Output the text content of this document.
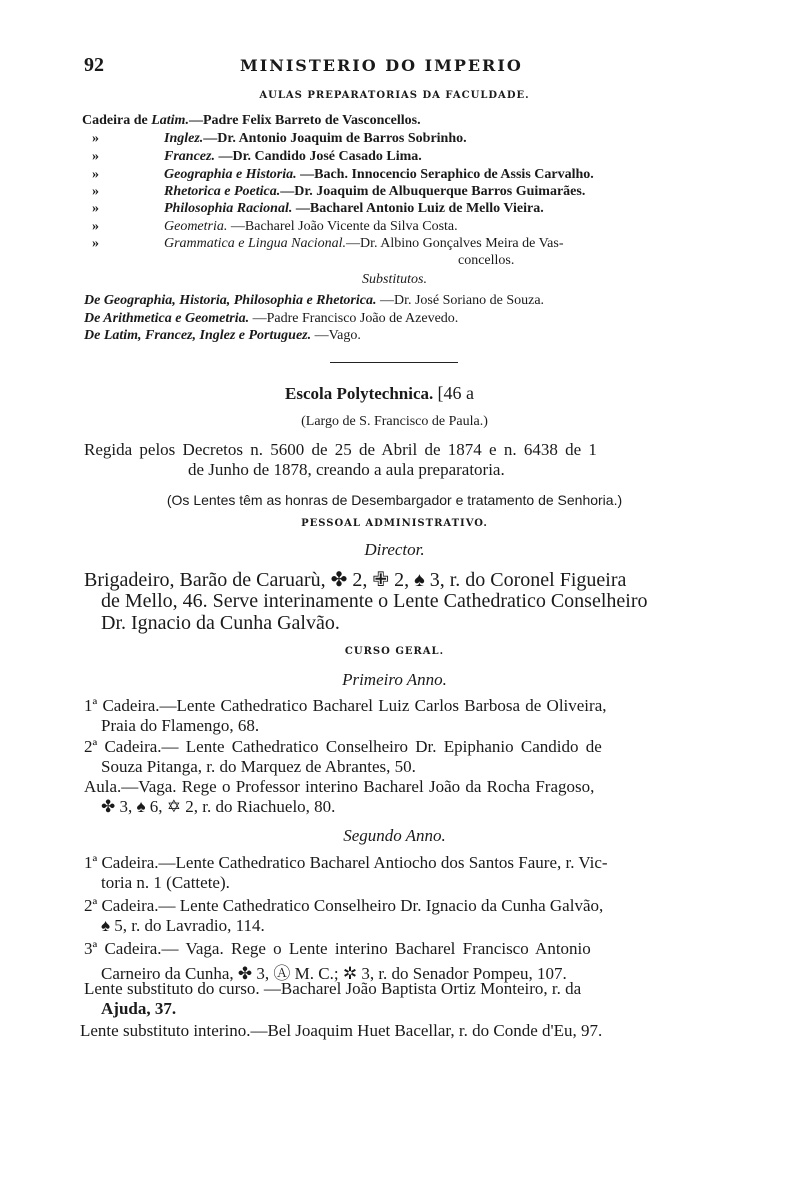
92	MINISTERIO DO IMPERIO
AULAS PREPARATORIAS DA FACULDADE.
Cadeira de Latim.—Padre Felix Barreto de Vasconcellos.
»	Inglez.—Dr. Antonio Joaquim de Barros Sobrinho.
»	Francez. —Dr. Candido José Casado Lima.
»	Geographia e Historia. —Bach. Innocencio Seraphico de Assis Carvalho.
»	Rhetorica e Poetica.—Dr. Joaquim de Albuquerque Barros Guimarães.
»	Philosophia Racional. —Bacharel Antonio Luiz de Mello Vieira.
»	Geometria. —Bacharel João Vicente da Silva Costa.
»	Grammatica e Lingua Nacional.—Dr. Albino Gonçalves Meira de Vas-
concellos.
Substitutos.
De Geographia, Historia, Philosophia e Rhetorica. —Dr. José Soriano de Souza.
De Arithmetica e Geometria. —Padre Francisco João de Azevedo.
De Latim, Francez, Inglez e Portuguez. —Vago.
Escola Polytechnica. [46 a
(Largo de S. Francisco de Paula.)
Regida pelos Decretos n. 5600 de 25 de Abril de 1874 e n. 6438 de 1
de Junho de 1878, creando a aula preparatoria.
(Os Lentes têm as honras de Desembargador e tratamento de Senhoria.)
PESSOAL ADMINISTRATIVO.
Director.
Brigadeiro, Barão de Caruarù, ✤ 2, ✙ 2, ♠ 3, r. do Coronel Figueira
de Mello, 46. Serve interinamente o Lente Cathedratico Conselheiro
Dr. Ignacio da Cunha Galvão.
CURSO GERAL.
Primeiro Anno.
1ª Cadeira.—Lente Cathedratico Bacharel Luiz Carlos Barbosa de Oliveira,
Praia do Flamengo, 68.
2ª Cadeira.— Lente Cathedratico Conselheiro Dr. Epiphanio Candido de
Souza Pitanga, r. do Marquez de Abrantes, 50.
Aula.—Vaga. Rege o Professor interino Bacharel João da Rocha Fragoso,
✤ 3, ♠ 6, ✡ 2, r. do Riachuelo, 80.
Segundo Anno.
1ª Cadeira.—Lente Cathedratico Bacharel Antiocho dos Santos Faure, r. Vic-
toria n. 1 (Cattete).
2ª Cadeira.— Lente Cathedratico Conselheiro Dr. Ignacio da Cunha Galvão,
♠ 5, r. do Lavradio, 114.
3ª Cadeira.— Vaga. Rege o Lente interino Bacharel Francisco Antonio
Carneiro da Cunha, ✤ 3, Ⓐ M. C.; ✲ 3, r. do Senador Pompeu, 107.
Lente substituto do curso. —Bacharel João Baptista Ortiz Monteiro, r. da
Ajuda, 37.
Lente substituto interino.—Bel Joaquim Huet Bacellar, r. do Conde d'Eu, 97.
